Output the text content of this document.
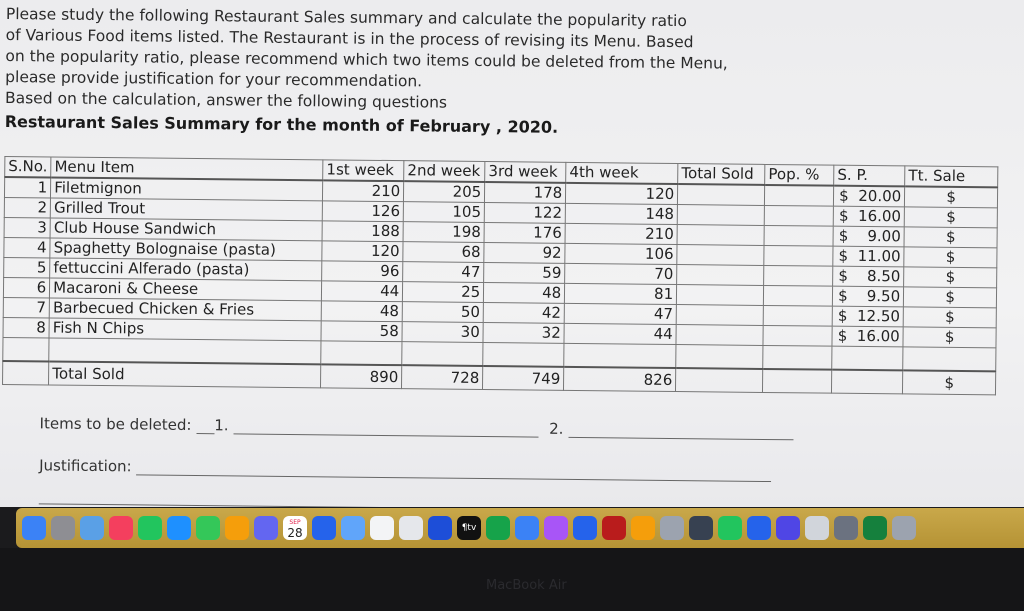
Please study the following Restaurant Sales summary and calculate the popularity ratio

of Various Food items listed. The Restaurant is in the process of revising its Menu. Based

on the popularity ratio, please recommend which two items could be deleted from the Menu,

please provide justification for your recommendation.

Based on the calculation, answer the following questions

Restaurant Sales Summary for the month of February , 2020.

S.No.	Menu Item	1st week	2nd week	3rd week	4th week	Total Sold	Pop. %	S. P.	Tt. Sale
1	Filetmignon	210	205	178	120			$  20.00	$
2	Grilled Trout	126	105	122	148			$  16.00	$
3	Club House Sandwich	188	198	176	210			$    9.00	$
4	Spaghetty Bolognaise (pasta)	120	68	92	106			$  11.00	$
5	fettuccini Alferado (pasta)	96	47	59	70			$    8.50	$
6	Macaroni & Cheese	44	25	48	81			$    9.50	$
7	Barbecued Chicken & Fries	48	50	42	47			$  12.50	$
8	Fish N Chips	58	30	32	44			$  16.00	$

	Total Sold	890	728	749	826				$
Items to be deleted: 1.	2.
Justification:
SEP
28	¶tv
MacBook Air
